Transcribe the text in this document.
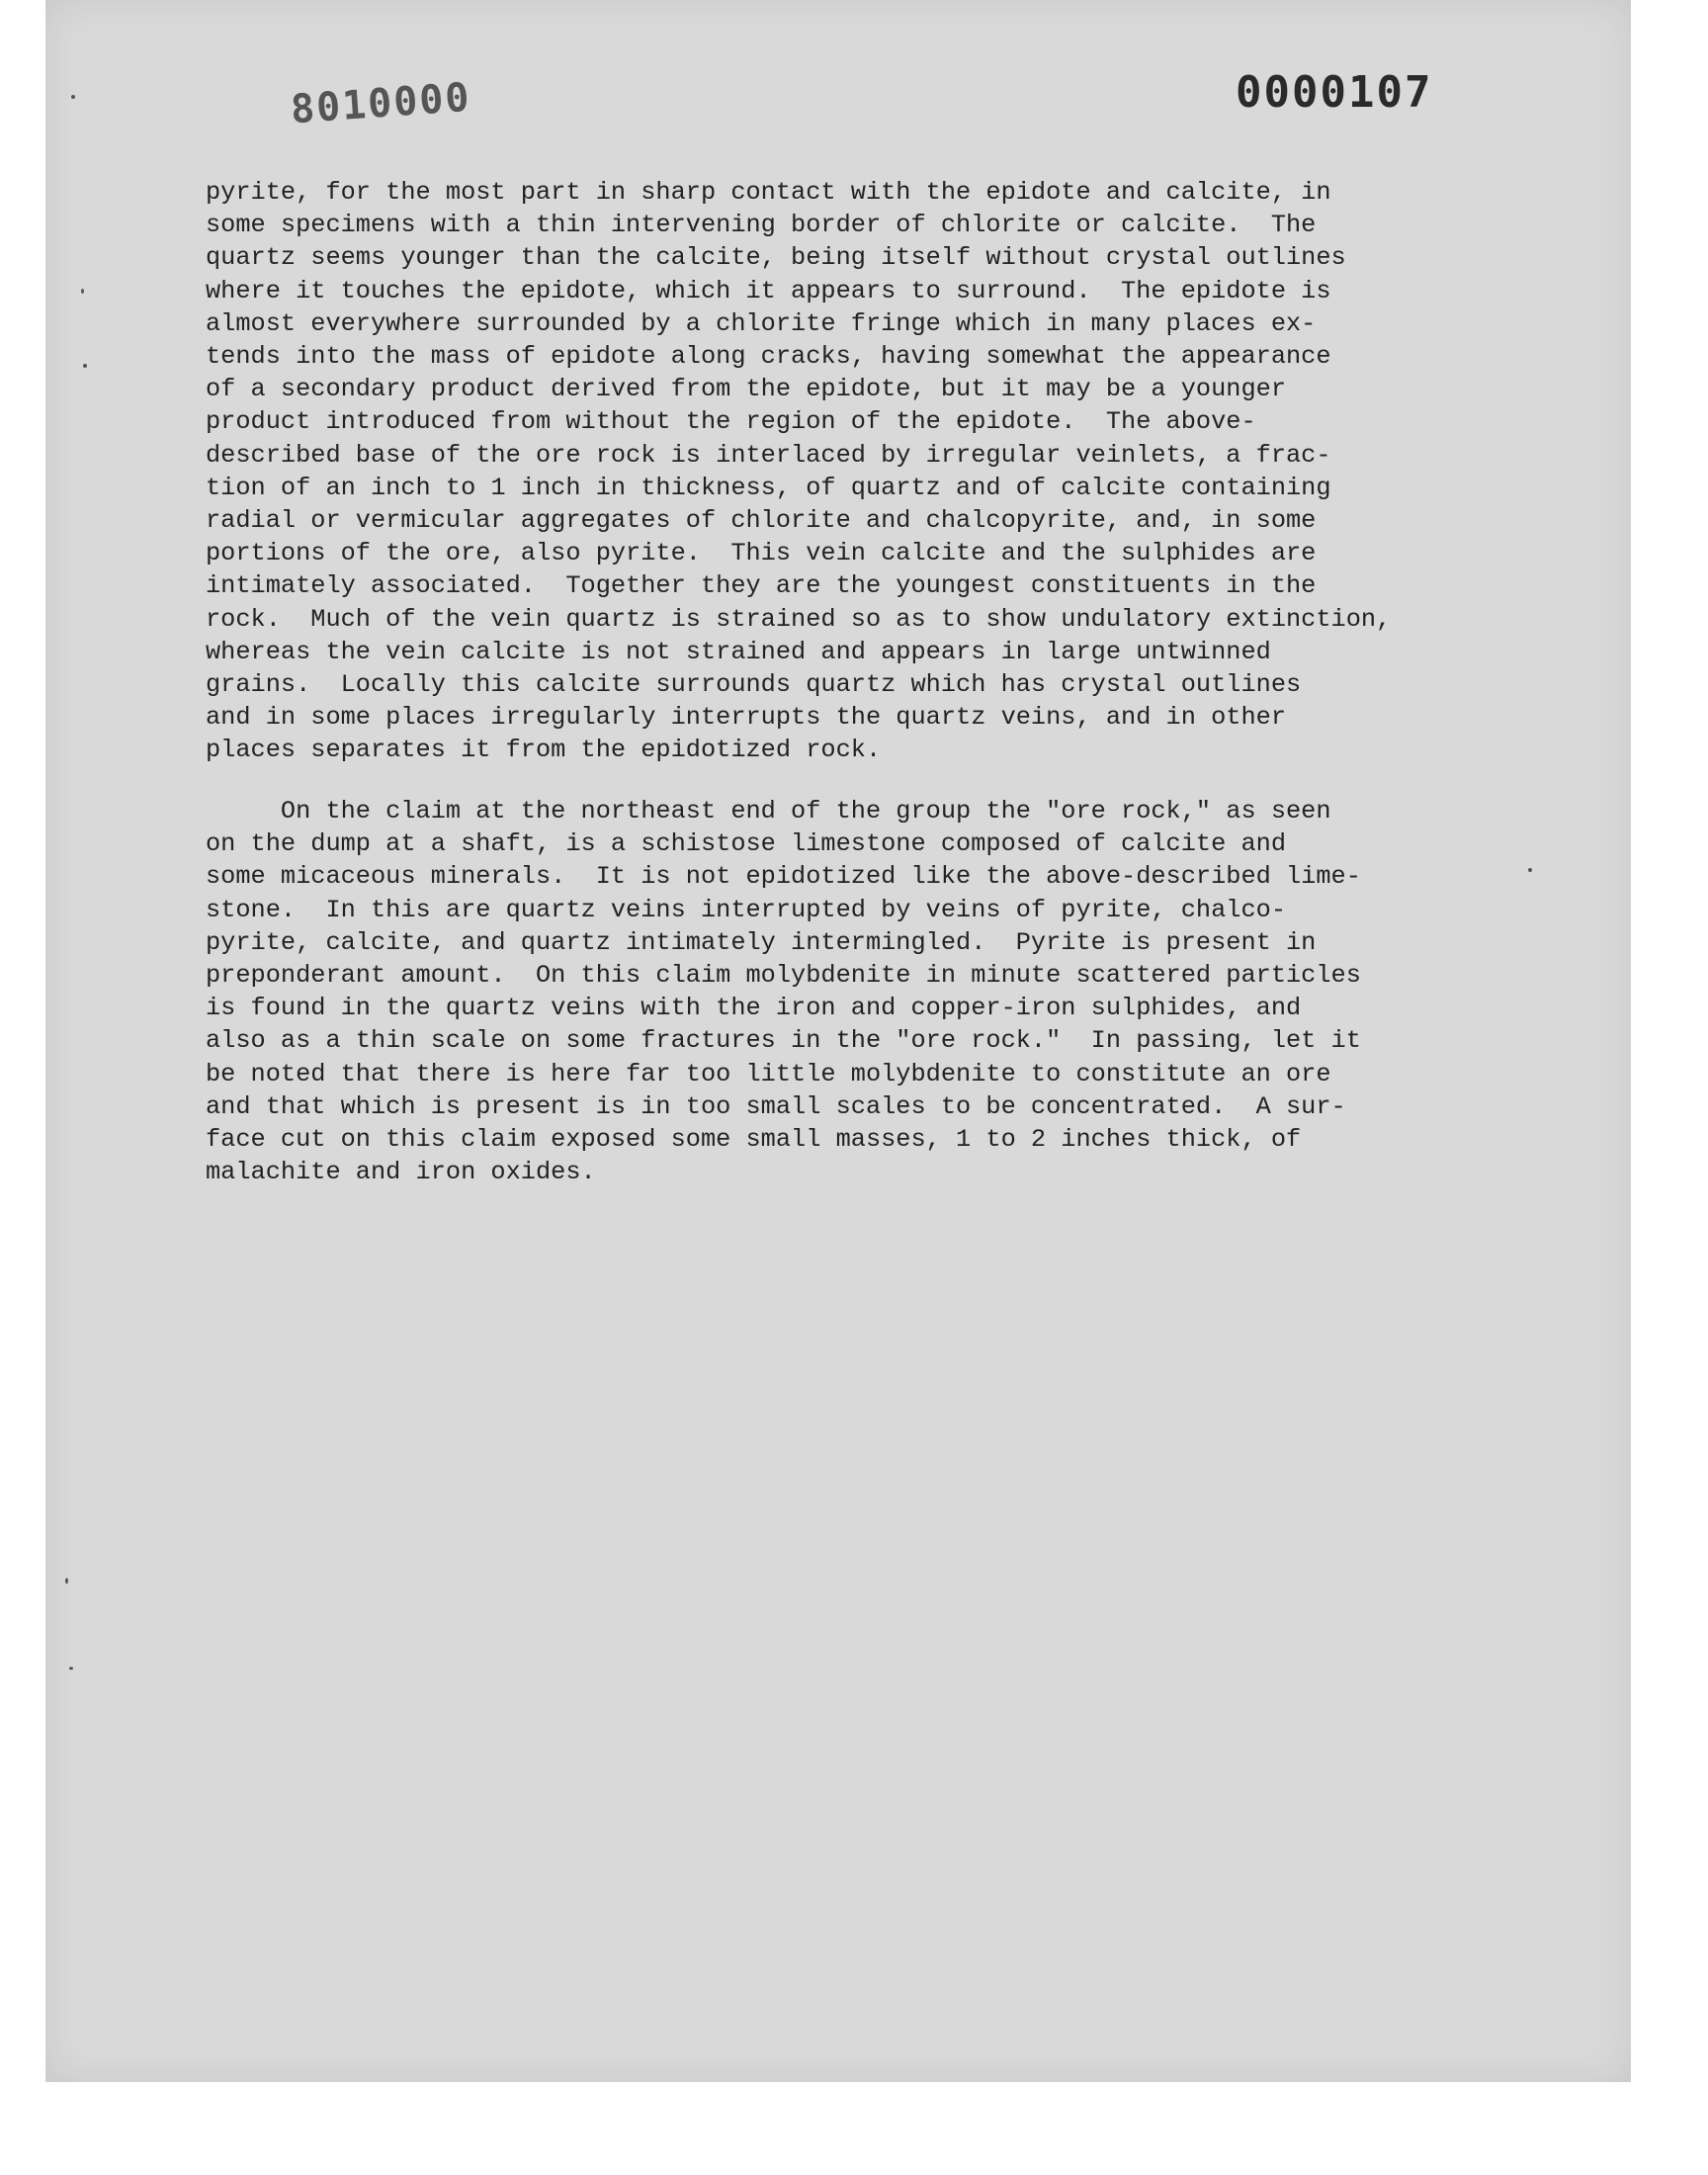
8010000	0000107
pyrite, for the most part in sharp contact with the epidote and calcite, in
some specimens with a thin intervening border of chlorite or calcite.  The
quartz seems younger than the calcite, being itself without crystal outlines
where it touches the epidote, which it appears to surround.  The epidote is
almost everywhere surrounded by a chlorite fringe which in many places ex-
tends into the mass of epidote along cracks, having somewhat the appearance
of a secondary product derived from the epidote, but it may be a younger
product introduced from without the region of the epidote.  The above-
described base of the ore rock is interlaced by irregular veinlets, a frac-
tion of an inch to 1 inch in thickness, of quartz and of calcite containing
radial or vermicular aggregates of chlorite and chalcopyrite, and, in some
portions of the ore, also pyrite.  This vein calcite and the sulphides are
intimately associated.  Together they are the youngest constituents in the
rock.  Much of the vein quartz is strained so as to show undulatory extinction,
whereas the vein calcite is not strained and appears in large untwinned
grains.  Locally this calcite surrounds quartz which has crystal outlines
and in some places irregularly interrupts the quartz veins, and in other
places separates it from the epidotized rock.
On the claim at the northeast end of the group the "ore rock," as seen
on the dump at a shaft, is a schistose limestone composed of calcite and
some micaceous minerals.  It is not epidotized like the above-described lime-
stone.  In this are quartz veins interrupted by veins of pyrite, chalco-
pyrite, calcite, and quartz intimately intermingled.  Pyrite is present in
preponderant amount.  On this claim molybdenite in minute scattered particles
is found in the quartz veins with the iron and copper-iron sulphides, and
also as a thin scale on some fractures in the "ore rock."  In passing, let it
be noted that there is here far too little molybdenite to constitute an ore
and that which is present is in too small scales to be concentrated.  A sur-
face cut on this claim exposed some small masses, 1 to 2 inches thick, of
malachite and iron oxides.
